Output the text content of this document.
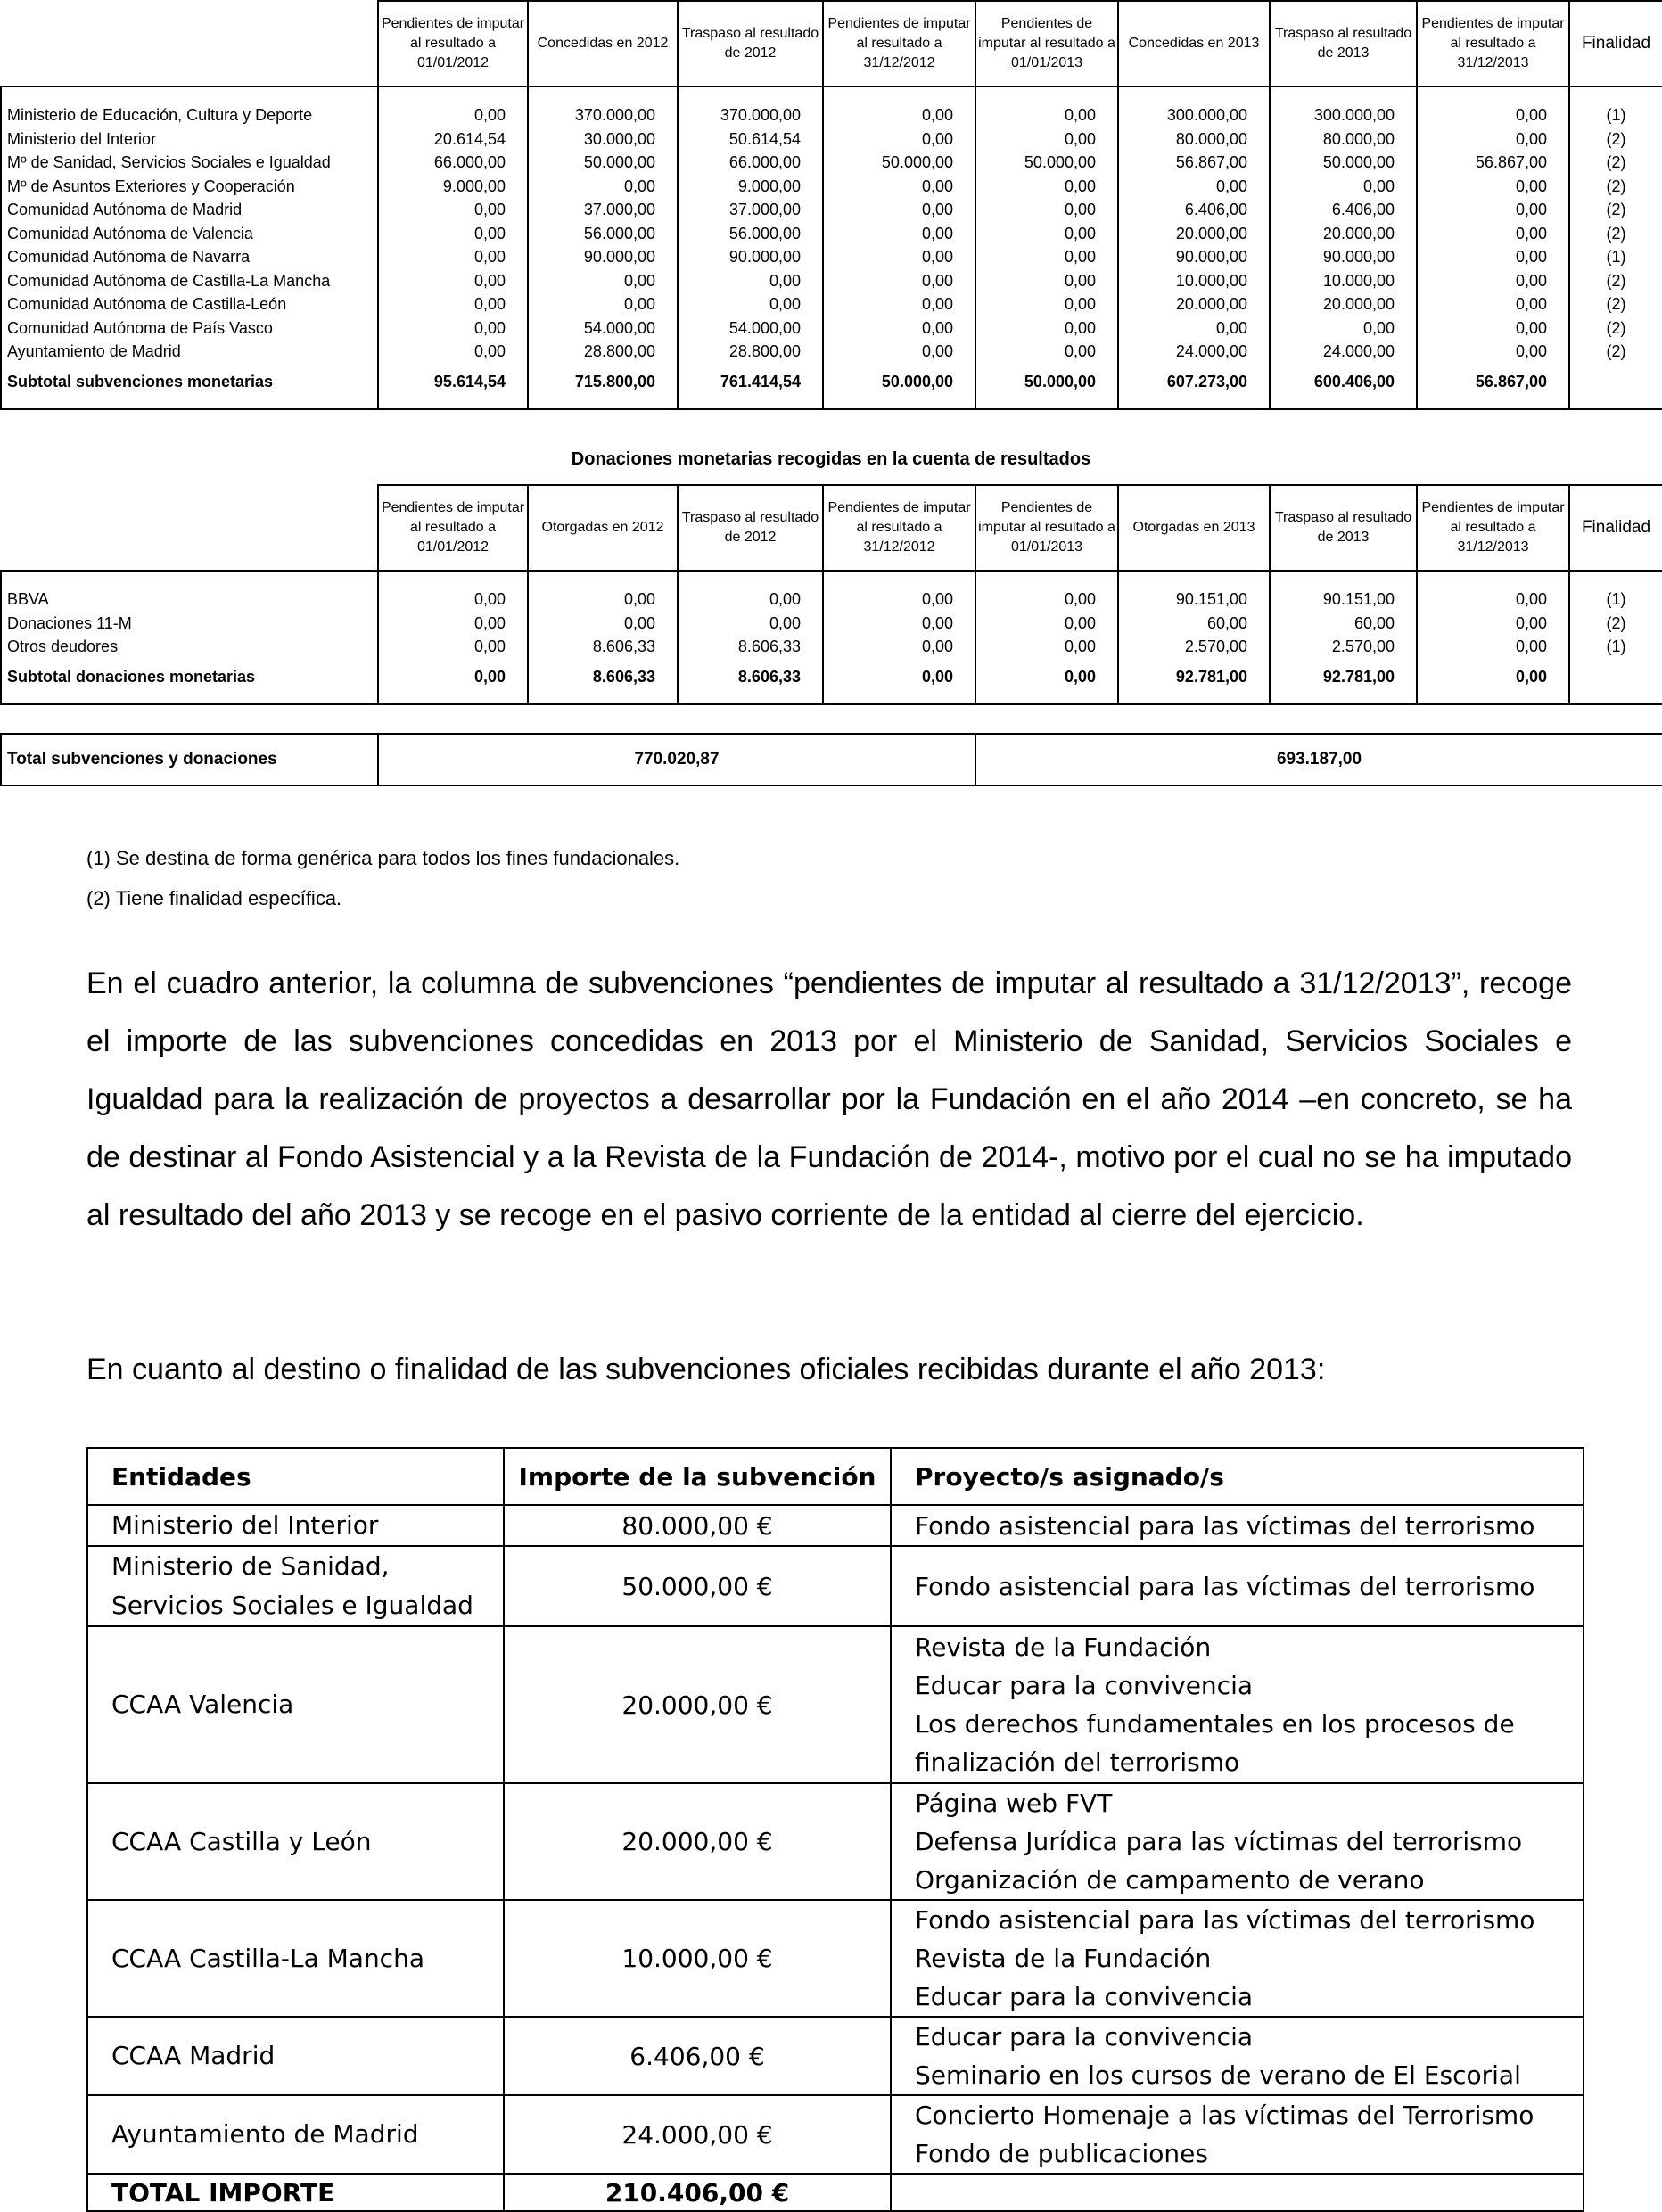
	Pendientes de imputar al resultado a 01/01/2012	Concedidas en 2012	Traspaso al resultado de 2012	Pendientes de imputar al resultado a 31/12/2012	Pendientes de imputar al resultado a 01/01/2013	Concedidas en 2013	Traspaso al resultado de 2013	Pendientes de imputar al resultado a 31/12/2013	Finalidad

Ministerio de Educación, Cultura y Deporte	0,00	370.000,00	370.000,00	0,00	0,00	300.000,00	300.000,00	0,00	(1)
Ministerio del Interior	20.614,54	30.000,00	50.614,54	0,00	0,00	80.000,00	80.000,00	0,00	(2)
Mº de Sanidad, Servicios Sociales e Igualdad	66.000,00	50.000,00	66.000,00	50.000,00	50.000,00	56.867,00	50.000,00	56.867,00	(2)
Mº de Asuntos Exteriores y Cooperación	9.000,00	0,00	9.000,00	0,00	0,00	0,00	0,00	0,00	(2)
Comunidad Autónoma de Madrid	0,00	37.000,00	37.000,00	0,00	0,00	6.406,00	6.406,00	0,00	(2)
Comunidad Autónoma de Valencia	0,00	56.000,00	56.000,00	0,00	0,00	20.000,00	20.000,00	0,00	(2)
Comunidad Autónoma de Navarra	0,00	90.000,00	90.000,00	0,00	0,00	90.000,00	90.000,00	0,00	(1)
Comunidad Autónoma de Castilla-La Mancha	0,00	0,00	0,00	0,00	0,00	10.000,00	10.000,00	0,00	(2)
Comunidad Autónoma de Castilla-León	0,00	0,00	0,00	0,00	0,00	20.000,00	20.000,00	0,00	(2)
Comunidad Autónoma de País Vasco	0,00	54.000,00	54.000,00	0,00	0,00	0,00	0,00	0,00	(2)
Ayuntamiento de Madrid	0,00	28.800,00	28.800,00	0,00	0,00	24.000,00	24.000,00	0,00	(2)
Subtotal subvenciones monetarias	95.614,54	715.800,00	761.414,54	50.000,00	50.000,00	607.273,00	600.406,00	56.867,00	
Donaciones monetarias recogidas en la cuenta de resultados
	Pendientes de imputar al resultado a 01/01/2012	Otorgadas en 2012	Traspaso al resultado de 2012	Pendientes de imputar al resultado a 31/12/2012	Pendientes de imputar al resultado a 01/01/2013	Otorgadas en 2013	Traspaso al resultado de 2013	Pendientes de imputar al resultado a 31/12/2013	Finalidad

BBVA	0,00	0,00	0,00	0,00	0,00	90.151,00	90.151,00	0,00	(1)
Donaciones 11-M	0,00	0,00	0,00	0,00	0,00	60,00	60,00	0,00	(2)
Otros deudores	0,00	8.606,33	8.606,33	0,00	0,00	2.570,00	2.570,00	0,00	(1)
Subtotal donaciones monetarias	0,00	8.606,33	8.606,33	0,00	0,00	92.781,00	92.781,00	0,00	
Total subvenciones y donaciones	770.020,87	693.187,00
(1) Se destina de forma genérica para todos los fines fundacionales.
(2) Tiene finalidad específica.

En el cuadro anterior, la columna de subvenciones “pendientes de imputar al resultado a 31/12/2013”, recoge el importe de las subvenciones concedidas en 2013 por el Ministerio de Sanidad, Servicios Sociales e Igualdad para la realización de proyectos a desarrollar por la Fundación en el año 2014 –en concreto, se ha de destinar al Fondo Asistencial y a la Revista de la Fundación de 2014-, motivo por el cual no se ha imputado al resultado del año 2013 y se recoge en el pasivo corriente de la entidad al cierre del ejercicio.

En cuanto al destino o finalidad de las subvenciones oficiales recibidas durante el año 2013:

Entidades	Importe de la subvención	Proyecto/s asignado/s
Ministerio del Interior	80.000,00 €	Fondo asistencial para las víctimas del terrorismo

Ministerio de Sanidad, Servicios Sociales e Igualdad	50.000,00 €	Fondo asistencial para las víctimas del terrorismo

CCAA Valencia	20.000,00 €	Revista de la Fundación
Educar para la convivencia
Los derechos fundamentales en los procesos de finalización del terrorismo

CCAA Castilla y León	20.000,00 €	Página web FVT
Defensa Jurídica para las víctimas del terrorismo
Organización de campamento de verano

CCAA Castilla-La Mancha	10.000,00 €	Fondo asistencial para las víctimas del terrorismo
Revista de la Fundación
Educar para la convivencia

CCAA Madrid	6.406,00 €	Educar para la convivencia
Seminario en los cursos de verano de El Escorial

Ayuntamiento de Madrid	24.000,00 €	Concierto Homenaje a las víctimas del Terrorismo
Fondo de publicaciones

TOTAL IMPORTE	210.406,00 €	
